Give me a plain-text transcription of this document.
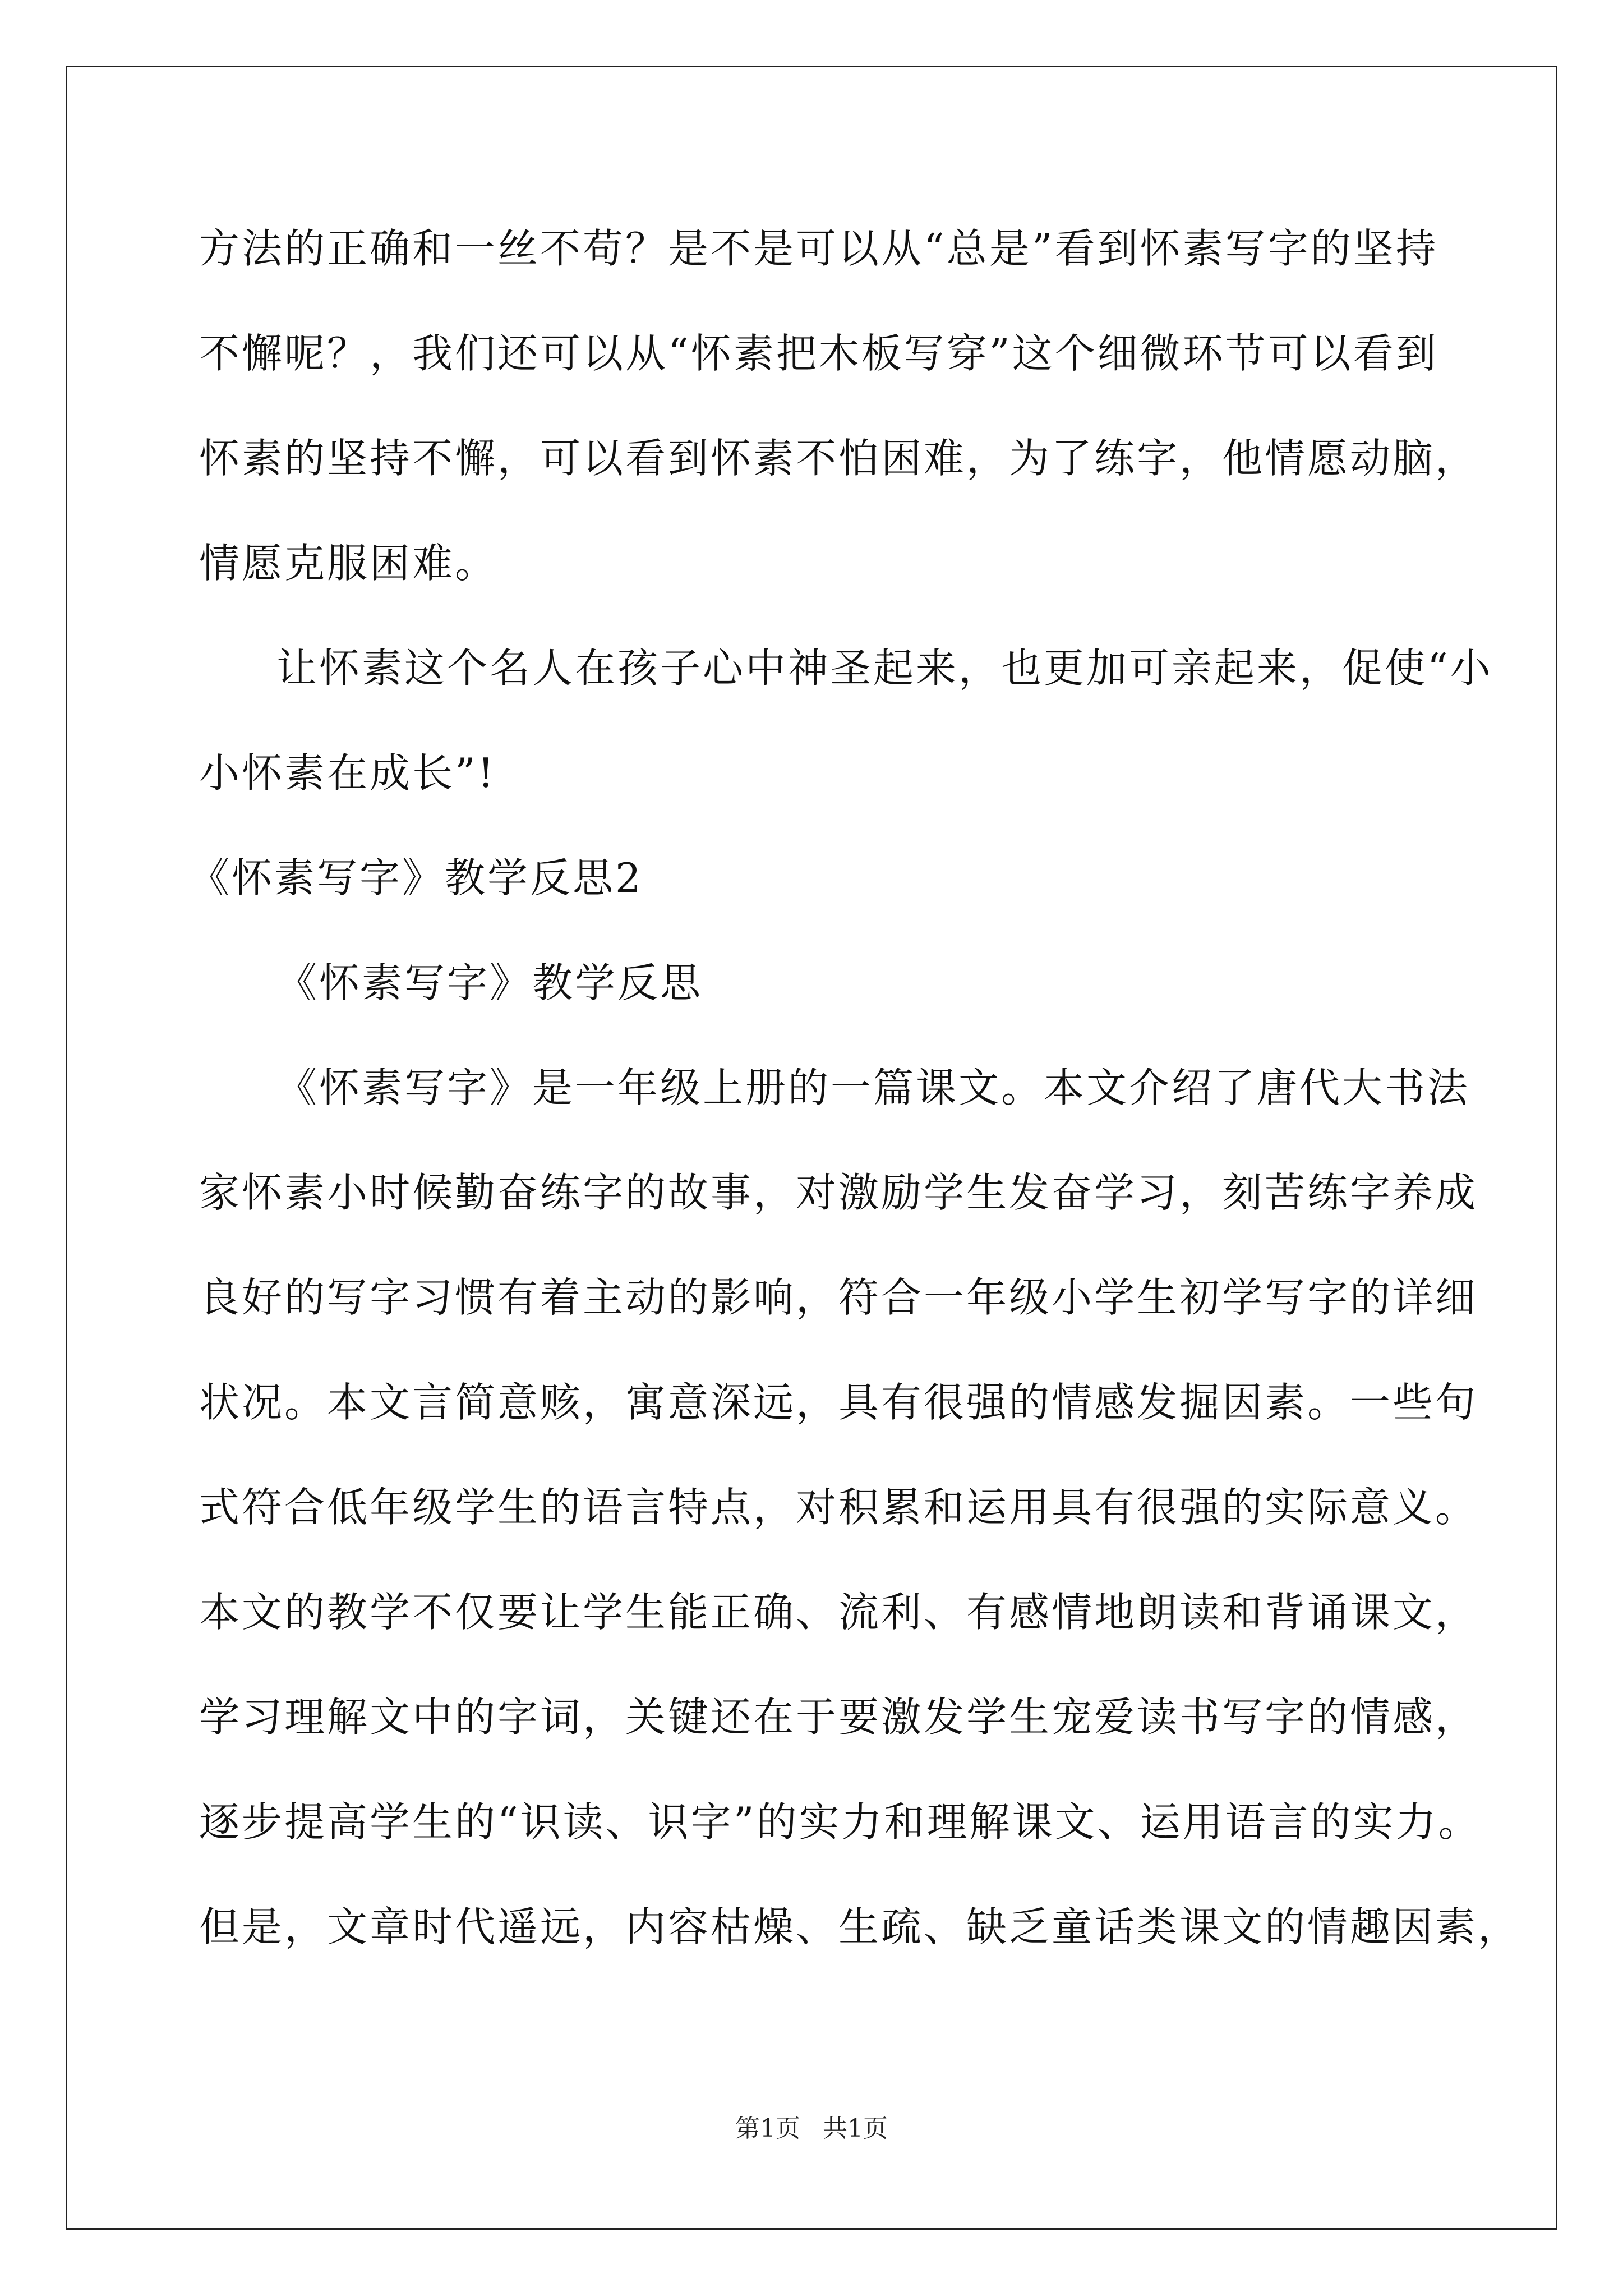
方法的正确和一丝不苟？是不是可以从“总是”看到怀素写字的坚持
不懈呢？，我们还可以从“怀素把木板写穿”这个细微环节可以看到
怀素的坚持不懈，可以看到怀素不怕困难，为了练字，他情愿动脑，
情愿克服困难。
让怀素这个名人在孩子心中神圣起来，也更加可亲起来，促使“小
小怀素在成长”!
《怀素写字》教学反思2
《怀素写字》教学反思
《怀素写字》是一年级上册的一篇课文。本文介绍了唐代大书法
家怀素小时候勤奋练字的故事，对激励学生发奋学习，刻苦练字养成
良好的写字习惯有着主动的影响，符合一年级小学生初学写字的详细
状况。本文言简意赅，寓意深远，具有很强的情感发掘因素。一些句
式符合低年级学生的语言特点，对积累和运用具有很强的实际意义。
本文的教学不仅要让学生能正确、流利、有感情地朗读和背诵课文，
学习理解文中的字词，关键还在于要激发学生宠爱读书写字的情感，
逐步提高学生的“识读、识字”的实力和理解课文、运用语言的实力。
但是，文章时代遥远，内容枯燥、生疏、缺乏童话类课文的情趣因素，
第1页 共1页
